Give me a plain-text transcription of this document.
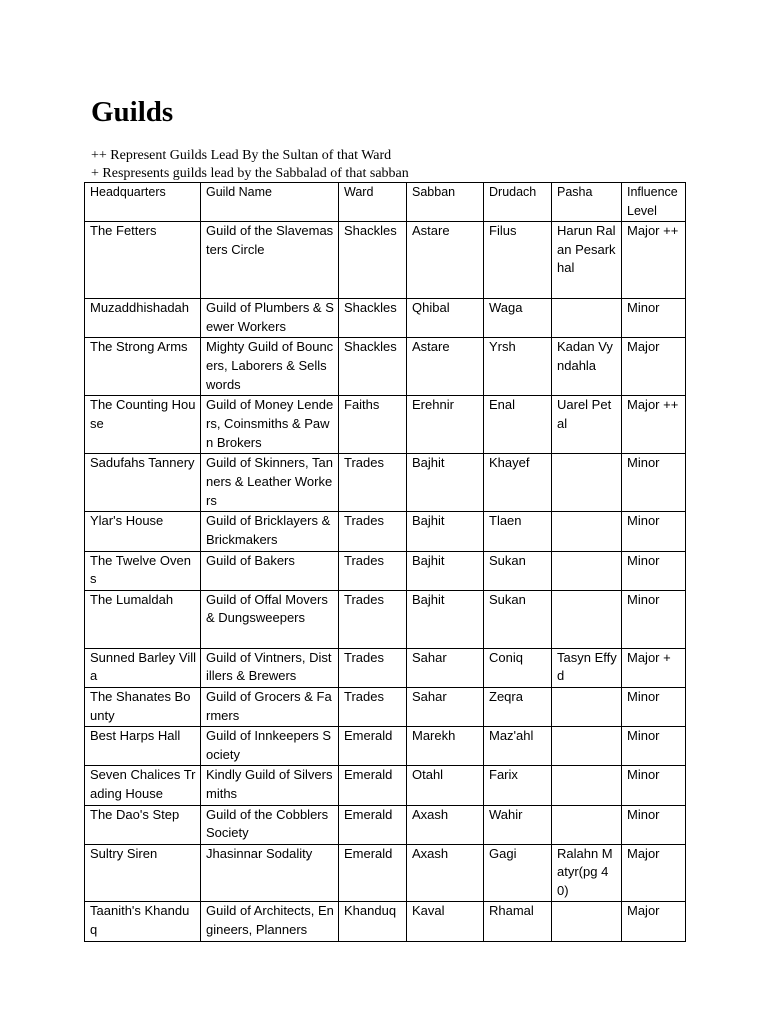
Guilds
++ Represent Guilds Lead By the Sultan of that Ward
+ Respresents guilds lead by the Sabbalad of that sabban
Headquarters	Guild Name	Ward	Sabban	Drudach	Pasha	Influence Level
The Fetters	Guild of the Slavemasters Circle	Shackles	Astare	Filus	Harun Ralan Pesarkhal	Major ++
Muzaddhishadah	Guild of Plumbers & Sewer Workers	Shackles	Qhibal	Waga		Minor
The Strong Arms	Mighty Guild of Bouncers, Laborers & Sellswords	Shackles	Astare	Yrsh	Kadan Vyndahla	Major
The Counting House	Guild of Money Lenders, Coinsmiths & Pawn Brokers	Faiths	Erehnir	Enal	Uarel Petal	Major ++
Sadufahs Tannery	Guild of Skinners, Tanners & Leather Workers	Trades	Bajhit	Khayef		Minor
Ylar's House	Guild of Bricklayers & Brickmakers	Trades	Bajhit	Tlaen		Minor
The Twelve Ovens	Guild of Bakers	Trades	Bajhit	Sukan		Minor
The Lumaldah	Guild of Offal Movers & Dungsweepers	Trades	Bajhit	Sukan		Minor
Sunned Barley Villa	Guild of Vintners, Distillers & Brewers	Trades	Sahar	Coniq	Tasyn Effyd	Major +
The Shanates Bounty	Guild of Grocers & Farmers	Trades	Sahar	Zeqra		Minor
Best Harps Hall	Guild of Innkeepers Society	Emerald	Marekh	Maz'ahl		Minor
Seven Chalices Trading House	Kindly Guild of Silversmiths	Emerald	Otahl	Farix		Minor
The Dao's Step	Guild of the Cobblers Society	Emerald	Axash	Wahir		Minor
Sultry Siren	Jhasinnar Sodality	Emerald	Axash	Gagi	Ralahn Matyr(pg 40)	Major
Taanith's Khanduq	Guild of Architects, Engineers, Planners	Khanduq	Kaval	Rhamal		Major
